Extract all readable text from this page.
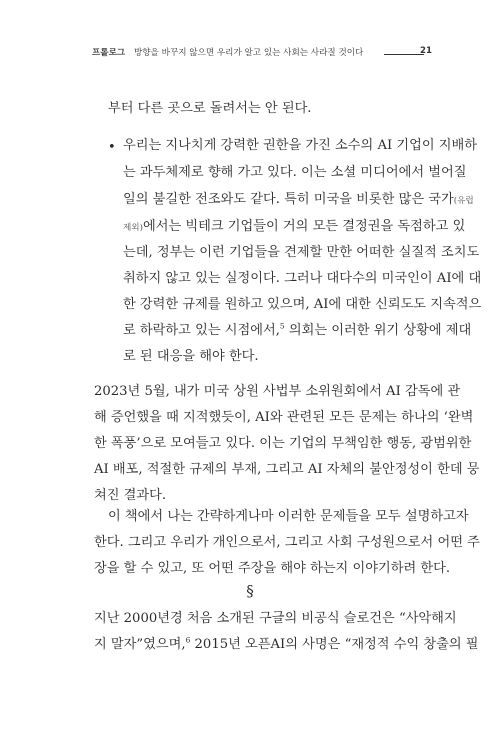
프롤로그 방향을 바꾸지 않으면 우리가 알고 있는 사회는 사라질 것이다	21
부터 다른 곳으로 돌려서는 안 된다.
• 우리는 지나치게 강력한 권한을 가진 소수의 AI 기업이 지배하
는 과두체제로 향해 가고 있다. 이는 소셜 미디어에서 벌어질
일의 불길한 전조와도 같다. 특히 미국을 비롯한 많은 국가(유럽
제외)에서는 빅테크 기업들이 거의 모든 결정권을 독점하고 있
는데, 정부는 이런 기업들을 견제할 만한 어떠한 실질적 조치도
취하지 않고 있는 실정이다. 그러나 대다수의 미국인이 AI에 대
한 강력한 규제를 원하고 있으며, AI에 대한 신뢰도도 지속적으
로 하락하고 있는 시점에서,$^5$ 의회는 이러한 위기 상황에 제대
로 된 대응을 해야 한다.
2023년 5월, 내가 미국 상원 사법부 소위원회에서 AI 감독에 관
해 증언했을 때 지적했듯이, AI와 관련된 모든 문제는 하나의 ‘완벽
한 폭풍’으로 모여들고 있다. 이는 기업의 무책임한 행동, 광범위한
AI 배포, 적절한 규제의 부재, 그리고 AI 자체의 불안정성이 한데 뭉
쳐진 결과다.
이 책에서 나는 간략하게나마 이러한 문제들을 모두 설명하고자
한다. 그리고 우리가 개인으로서, 그리고 사회 구성원으로서 어떤 주
장을 할 수 있고, 또 어떤 주장을 해야 하는지 이야기하려 한다.
§
지난 2000년경 처음 소개된 구글의 비공식 슬로건은 “사악해지
지 말자”였으며,$^6$ 2015년 오픈AI의 사명은 “재정적 수익 창출의 필
